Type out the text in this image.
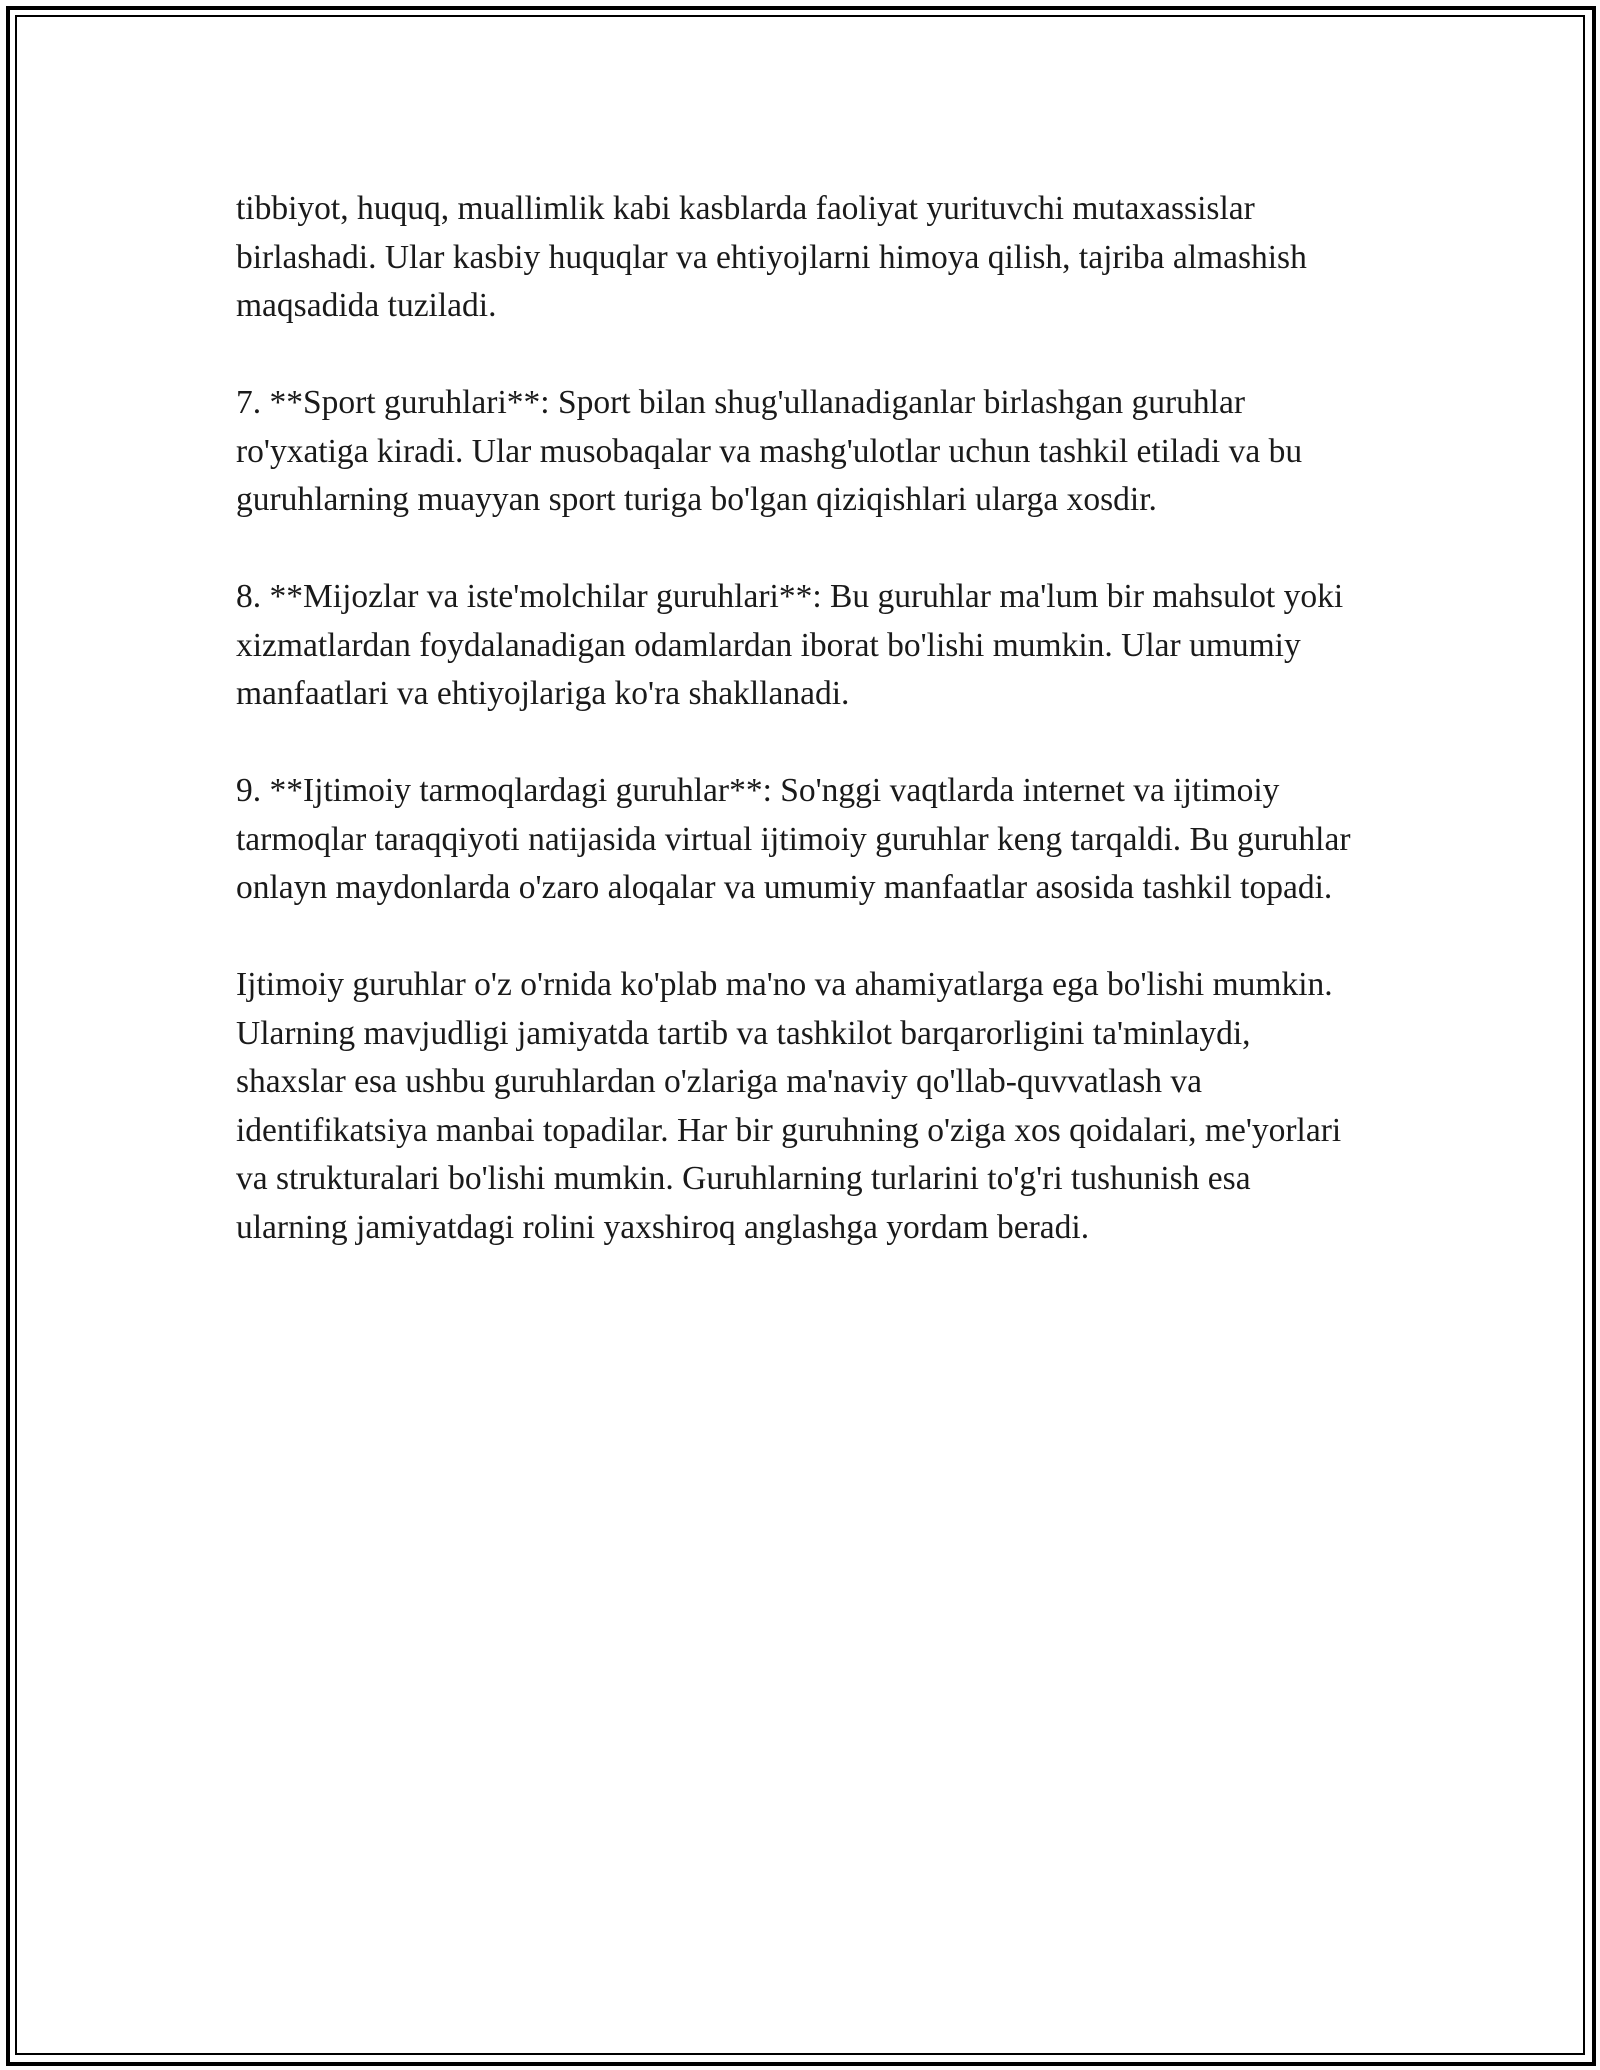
tibbiyot, huquq, muallimlik kabi kasblarda faoliyat yurituvchi mutaxassislar birlashadi. Ular kasbiy huquqlar va ehtiyojlarni himoya qilish, tajriba almashish maqsadida tuziladi.

7. **Sport guruhlari**: Sport bilan shug'ullanadiganlar birlashgan guruhlar ro'yxatiga kiradi. Ular musobaqalar va mashg'ulotlar uchun tashkil etiladi va bu guruhlarning muayyan sport turiga bo'lgan qiziqishlari ularga xosdir.

8. **Mijozlar va iste'molchilar guruhlari**: Bu guruhlar ma'lum bir mahsulot yoki xizmatlardan foydalanadigan odamlardan iborat bo'lishi mumkin. Ular umumiy manfaatlari va ehtiyojlariga ko'ra shakllanadi.

9. **Ijtimoiy tarmoqlardagi guruhlar**: So'nggi vaqtlarda internet va ijtimoiy tarmoqlar taraqqiyoti natijasida virtual ijtimoiy guruhlar keng tarqaldi. Bu guruhlar onlayn maydonlarda o'zaro aloqalar va umumiy manfaatlar asosida tashkil topadi.

Ijtimoiy guruhlar o'z o'rnida ko'plab ma'no va ahamiyatlarga ega bo'lishi mumkin. Ularning mavjudligi jamiyatda tartib va tashkilot barqarorligini ta'minlaydi, shaxslar esa ushbu guruhlardan o'zlariga ma'naviy qo'llab-quvvatlash va identifikatsiya manbai topadilar. Har bir guruhning o'ziga xos qoidalari, me'yorlari va strukturalari bo'lishi mumkin. Guruhlarning turlarini to'g'ri tushunish esa ularning jamiyatdagi rolini yaxshiroq anglashga yordam beradi.
